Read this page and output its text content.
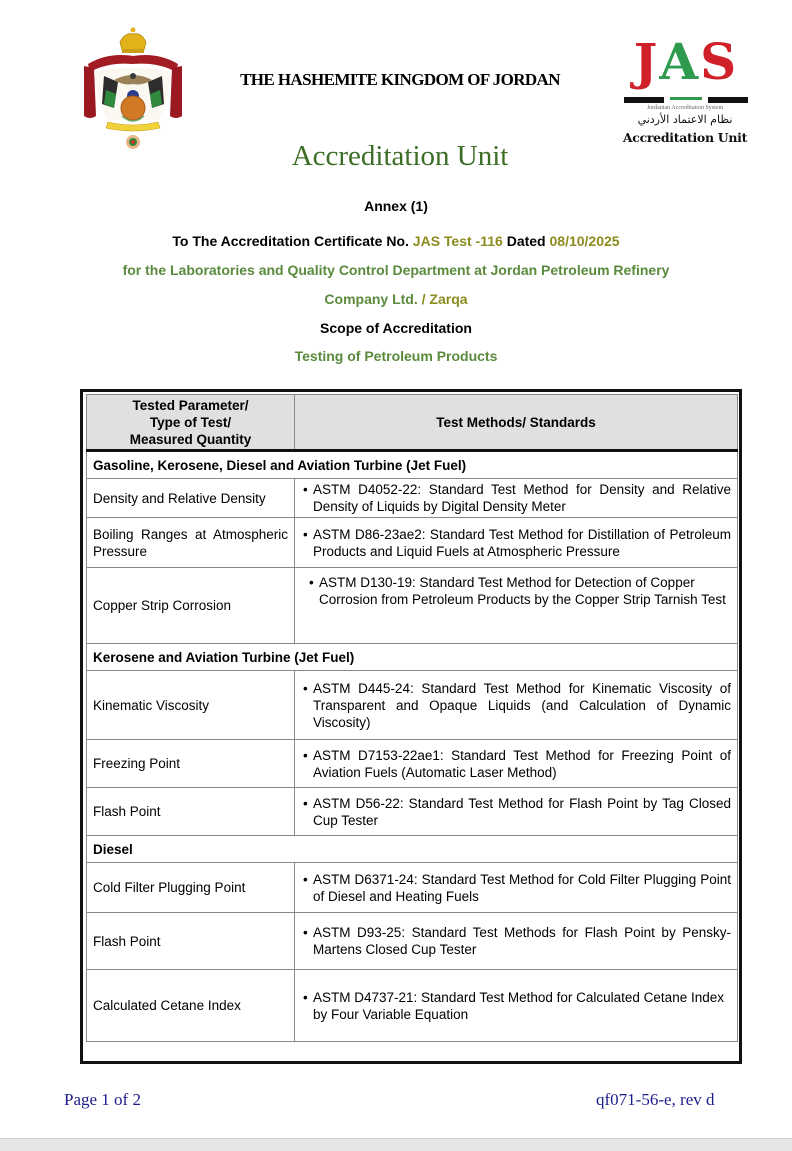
THE HASHEMITE KINGDOM OF JORDAN
Accreditation Unit
JAS
Jordanian Accreditation System
نظام الاعتماد الأردني
Accreditation Unit
Annex (1)
To The Accreditation Certificate No. JAS Test -116 Dated 08/10/2025
for the Laboratories and Quality Control Department at Jordan Petroleum Refinery
Company Ltd. / Zarqa
Scope of Accreditation
Testing of Petroleum Products
Tested Parameter/
Type of Test/
Measured Quantity	Test Methods/ Standards
Gasoline, Kerosene, Diesel and Aviation Turbine (Jet Fuel)	
Density and Relative Density	• ASTM D4052-22: Standard Test Method for Density and Relative Density of Liquids by Digital Density Meter

Boiling Ranges at Atmospheric Pressure	• ASTM D86-23ae2: Standard Test Method for Distillation of Petroleum Products and Liquid Fuels at Atmospheric Pressure

Copper Strip Corrosion	• ASTM D130-19: Standard Test Method for Detection of Copper Corrosion from Petroleum Products by the Copper Strip Tarnish Test

Kerosene and Aviation Turbine (Jet Fuel)	
Kinematic Viscosity	• ASTM D445-24: Standard Test Method for Kinematic Viscosity of Transparent and Opaque Liquids (and Calculation of Dynamic Viscosity)

Freezing Point	• ASTM D7153-22ae1: Standard Test Method for Freezing Point of Aviation Fuels (Automatic Laser Method)

Flash Point	• ASTM D56-22: Standard Test Method for Flash Point by Tag Closed Cup Tester

Diesel	
Cold Filter Plugging Point	• ASTM D6371-24: Standard Test Method for Cold Filter Plugging Point of Diesel and Heating Fuels

Flash Point	• ASTM D93-25: Standard Test Methods for Flash Point by Pensky-Martens Closed Cup Tester

Calculated Cetane Index	• ASTM D4737-21: Standard Test Method for Calculated Cetane Index by Four Variable Equation
Page 1 of 2	qf071-56-e, rev d
